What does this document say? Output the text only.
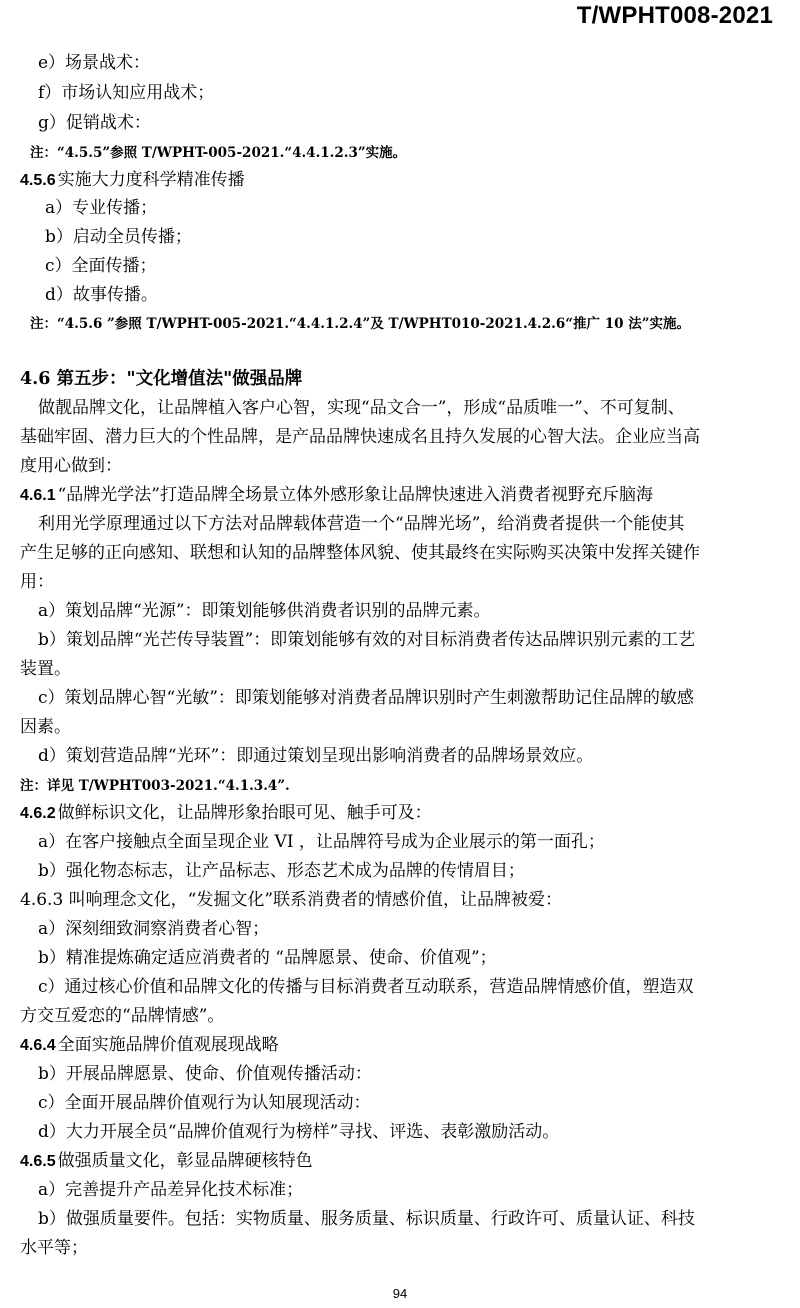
T/WPHT008-2021
e）场景战术：
f）市场认知应用战术；
g）促销战术：
注：“4.5.5”参照 T/WPHT-005-2021.“4.4.1.2.3”实施。
4.5.6 实施大力度科学精准传播
a）专业传播；
b）启动全员传播；
c）全面传播；
d）故事传播。
注：“4.5.6 ”参照 T/WPHT-005-2021.“4.4.1.2.4”及 T/WPHT010-2021.4.2.6“推广 10 法”实施。
4.6 第五步："文化增值法"做强品牌
做靓品牌文化，让品牌植入客户心智，实现“品文合一”，形成“品质唯一”、不可复制、
基础牢固、潜力巨大的个性品牌，是产品品牌快速成名且持久发展的心智大法。企业应当高
度用心做到：
4.6.1 “品牌光学法”打造品牌全场景立体外感形象让品牌快速进入消费者视野充斥脑海
利用光学原理通过以下方法对品牌载体营造一个“品牌光场”，给消费者提供一个能使其
产生足够的正向感知、联想和认知的品牌整体风貌、使其最终在实际购买决策中发挥关键作
用：
a）策划品牌“光源”：即策划能够供消费者识别的品牌元素。
b）策划品牌“光芒传导装置”：即策划能够有效的对目标消费者传达品牌识别元素的工艺
装置。
c）策划品牌心智“光敏”：即策划能够对消费者品牌识别时产生刺激帮助记住品牌的敏感
因素。
d）策划营造品牌“光环”：即通过策划呈现出影响消费者的品牌场景效应。
注：详见 T/WPHT003-2021.“4.1.3.4”.
4.6.2 做鲜标识文化，让品牌形象抬眼可见、触手可及：
a）在客户接触点全面呈现企业 VI ，让品牌符号成为企业展示的第一面孔；
b）强化物态标志，让产品标志、形态艺术成为品牌的传情眉目；
4.6.3 叫响理念文化，“发掘文化”联系消费者的情感价值，让品牌被爱：
a）深刻细致洞察消费者心智；
b）精准提炼确定适应消费者的 “品牌愿景、使命、价值观”；
c）通过核心价值和品牌文化的传播与目标消费者互动联系，营造品牌情感价值，塑造双
方交互爱恋的“品牌情感”。
4.6.4 全面实施品牌价值观展现战略
b）开展品牌愿景、使命、价值观传播活动：
c）全面开展品牌价值观行为认知展现活动：
d）大力开展全员“品牌价值观行为榜样”寻找、评选、表彰激励活动。
4.6.5 做强质量文化，彰显品牌硬核特色
a）完善提升产品差异化技术标准；
b）做强质量要件。包括：实物质量、服务质量、标识质量、行政许可、质量认证、科技
水平等；
94
